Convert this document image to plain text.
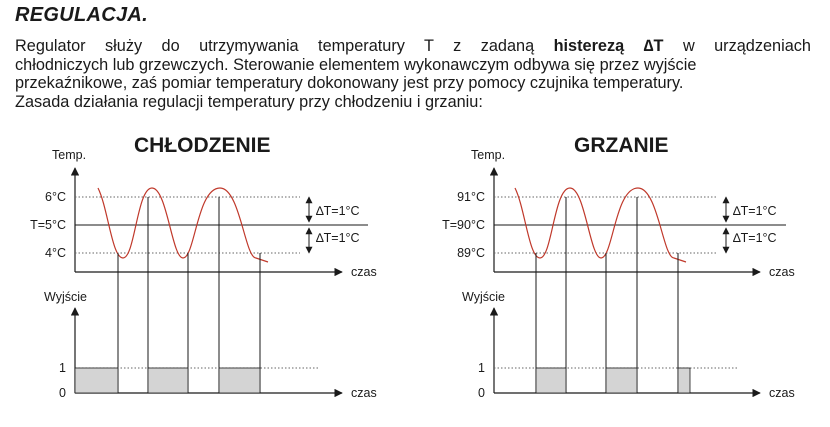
REGULACJA.
Regulator służy do utrzymywania temperatury T z zadaną histerezą ∆T w urządzeniach
chłodniczych lub grzewczych. Sterowanie elementem wykonawczym odbywa się przez wyjście
przekaźnikowe, zaś pomiar temperatury dokonowany jest przy pomocy czujnika temperatury.
Zasada działania regulacji temperatury przy chłodzeniu i grzaniu:
CHŁODZENIE
Temp.
czas
6°C
T=5°C
4°C
∆T=1°C
∆T=1°C
Wyjście
czas
1
0
GRZANIE
Temp.
czas
91°C
T=90°C
89°C
∆T=1°C
∆T=1°C
Wyjście
czas
1
0
